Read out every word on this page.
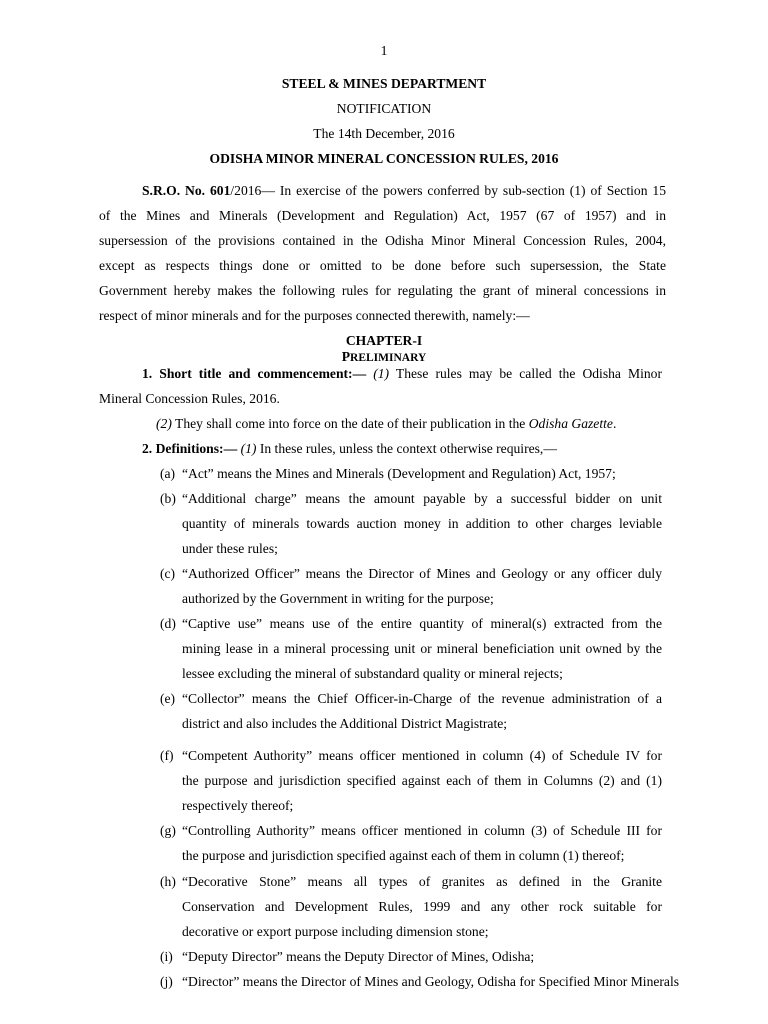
1
STEEL & MINES DEPARTMENT
NOTIFICATION
The 14th December, 2016
ODISHA MINOR MINERAL CONCESSION RULES, 2016
S.R.O. No. 601/2016— In exercise of the powers conferred by sub-section (1) of Section 15
of the Mines and Minerals (Development and Regulation) Act, 1957 (67 of 1957) and in
supersession of the provisions contained in the Odisha Minor Mineral Concession Rules, 2004,
except as respects things done or omitted to be done before such supersession, the State
Government hereby makes the following rules for regulating the grant of mineral concessions in
respect of minor minerals and for the purposes connected therewith, namely:—
CHAPTER-I
PRELIMINARY
1. Short title and commencement:— (1) These rules may be called the Odisha Minor
Mineral Concession Rules, 2016.
(2) They shall come into force on the date of their publication in the Odisha Gazette.
2. Definitions:— (1) In these rules, unless the context otherwise requires,—
(a) “Act” means the Mines and Minerals (Development and Regulation) Act, 1957;
(b) “Additional charge” means the amount payable by a successful bidder on unit
quantity of minerals towards auction money in addition to other charges leviable
under these rules;
(c) “Authorized Officer” means the Director of Mines and Geology or any officer duly
authorized by the Government in writing for the purpose;
(d) “Captive use” means use of the entire quantity of mineral(s) extracted from the
mining lease in a mineral processing unit or mineral beneficiation unit owned by the
lessee excluding the mineral of substandard quality or mineral rejects;
(e) “Collector” means the Chief Officer-in-Charge of the revenue administration of a
district and also includes the Additional District Magistrate;
(f) “Competent Authority” means officer mentioned in column (4) of Schedule IV for
the purpose and jurisdiction specified against each of them in Columns (2) and (1)
respectively thereof;
(g) “Controlling Authority” means officer mentioned in column (3) of Schedule III for
the purpose and jurisdiction specified against each of them in column (1) thereof;
(h) “Decorative Stone” means all types of granites as defined in the Granite
Conservation and Development Rules, 1999 and any other rock suitable for
decorative or export purpose including dimension stone;
(i) “Deputy Director” means the Deputy Director of Mines, Odisha;
(j) “Director” means the Director of Mines and Geology, Odisha for Specified Minor Minerals
